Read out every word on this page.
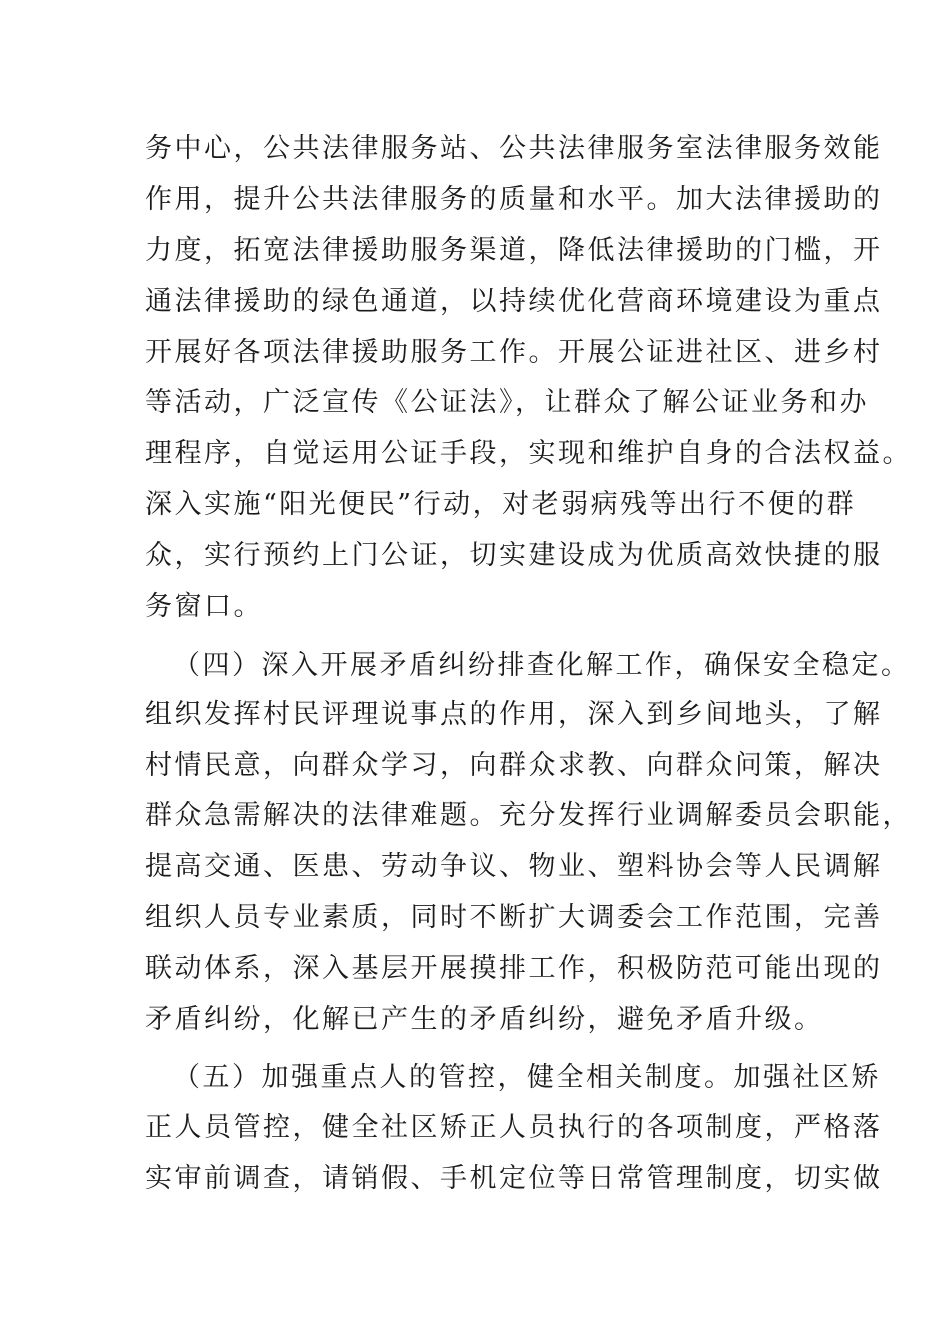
务中心，公共法律服务站、公共法律服务室法律服务效能
作用，提升公共法律服务的质量和水平。加大法律援助的
力度，拓宽法律援助服务渠道，降低法律援助的门槛，开
通法律援助的绿色通道，以持续优化营商环境建设为重点
开展好各项法律援助服务工作。开展公证进社区、进乡村
等活动，广泛宣传《公证法》，让群众了解公证业务和办
理程序，自觉运用公证手段，实现和维护自身的合法权益。
深入实施“阳光便民”行动，对老弱病残等出行不便的群
众，实行预约上门公证，切实建设成为优质高效快捷的服
务窗口。
（四）深入开展矛盾纠纷排查化解工作，确保安全稳定。
组织发挥村民评理说事点的作用，深入到乡间地头，了解
村情民意，向群众学习，向群众求教、向群众问策，解决
群众急需解决的法律难题。充分发挥行业调解委员会职能，
提高交通、医患、劳动争议、物业、塑料协会等人民调解
组织人员专业素质，同时不断扩大调委会工作范围，完善
联动体系，深入基层开展摸排工作，积极防范可能出现的
矛盾纠纷，化解已产生的矛盾纠纷，避免矛盾升级。
（五）加强重点人的管控，健全相关制度。加强社区矫
正人员管控，健全社区矫正人员执行的各项制度，严格落
实审前调查，请销假、手机定位等日常管理制度，切实做
